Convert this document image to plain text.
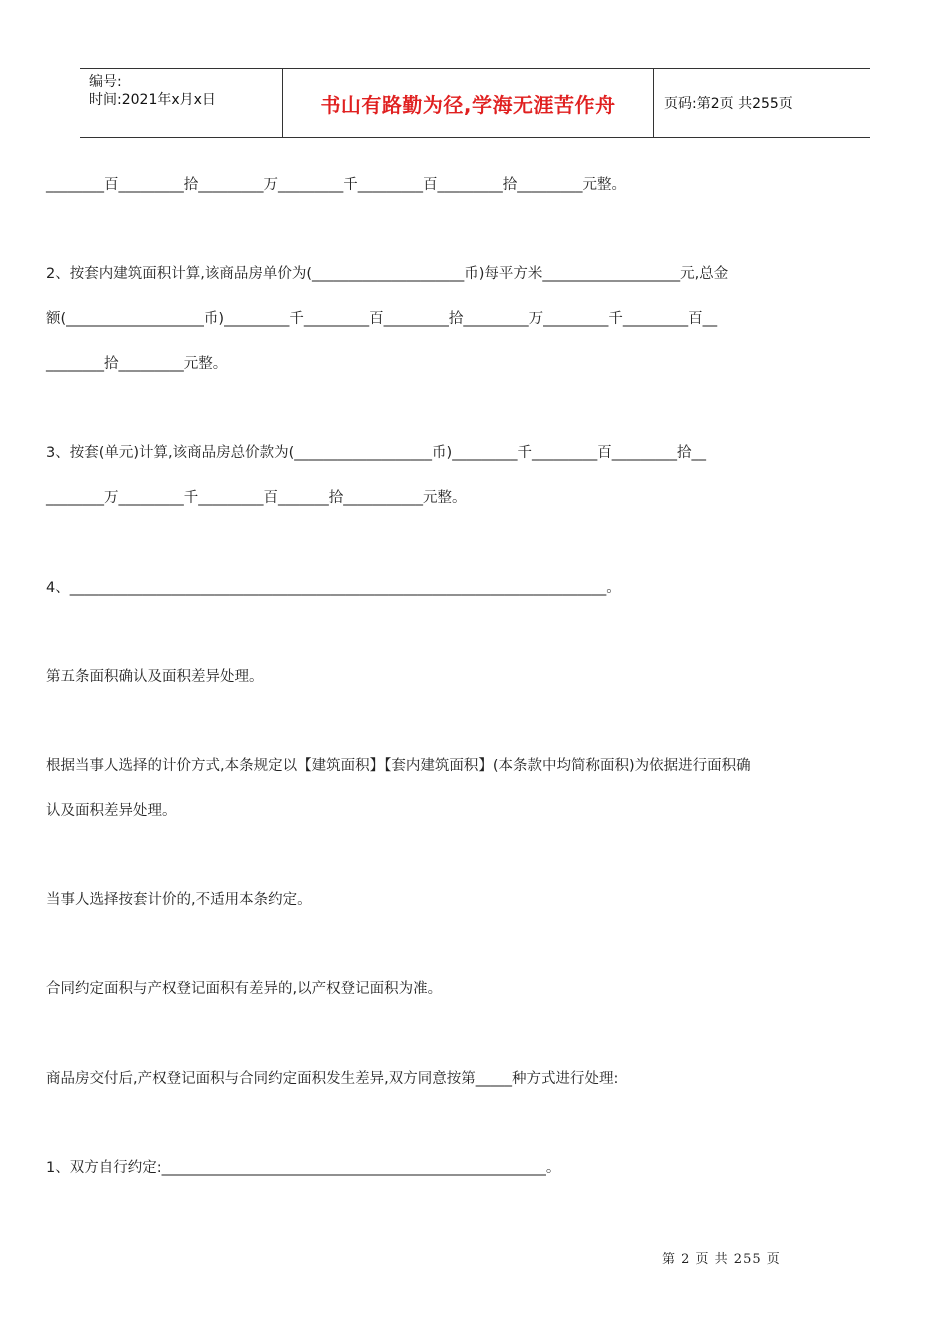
编号:
时间:2021年x月x日	书山有路勤为径,学海无涯苦作舟	页码:第2页 共255页
________百_________拾_________万_________千_________百_________拾_________元整。
2、按套内建筑面积计算,该商品房单价为(_____________________币)每平方米___________________元,总金
额(___________________币)_________千_________百_________拾_________万_________千_________百__
________拾_________元整。
3、按套(单元)计算,该商品房总价款为(___________________币)_________千_________百_________拾__
________万_________千_________百_______拾___________元整。
4、__________________________________________________________________________。
第五条面积确认及面积差异处理。
根据当事人选择的计价方式,本条规定以【建筑面积】【套内建筑面积】(本条款中均简称面积)为依据进行面积确
认及面积差异处理。
当事人选择按套计价的,不适用本条约定。
合同约定面积与产权登记面积有差异的,以产权登记面积为准。
商品房交付后,产权登记面积与合同约定面积发生差异,双方同意按第_____种方式进行处理:
1、双方自行约定:_____________________________________________________。
第 2 页 共 255 页
